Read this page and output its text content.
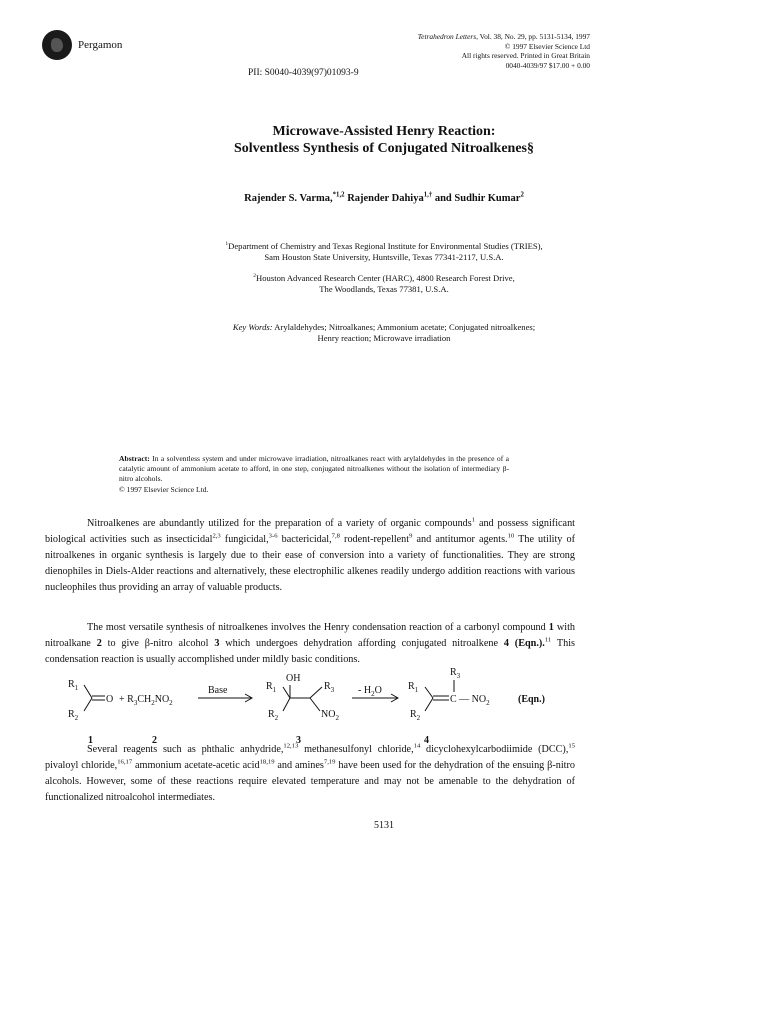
Pergamon
Tetrahedron Letters, Vol. 38, No. 29, pp. 5131-5134, 1997
© 1997 Elsevier Science Ltd
All rights reserved. Printed in Great Britain
0040-4039/97 $17.00 + 0.00
PII: S0040-4039(97)01093-9
Microwave-Assisted Henry Reaction:
Solventless Synthesis of Conjugated Nitroalkenes§
Rajender S. Varma,$^{*1,2}$ Rajender Dahiya$^{1,\dagger}$ and Sudhir Kumar$^2$
$^1$Department of Chemistry and Texas Regional Institute for Environmental Studies (TRIES),
Sam Houston State University, Huntsville, Texas 77341-2117, U.S.A.
$^2$Houston Advanced Research Center (HARC), 4800 Research Forest Drive,
The Woodlands, Texas 77381, U.S.A.
Key Words: Arylaldehydes; Nitroalkanes; Ammonium acetate; Conjugated nitroalkenes;
Henry reaction; Microwave irradiation
Abstract: In a solventless system and under microwave irradiation, nitroalkanes react with arylaldehydes in the presence of a catalytic amount of ammonium acetate to afford, in one step, conjugated nitroalkenes without the isolation of intermediary β-nitro alcohols.
© 1997 Elsevier Science Ltd.
Nitroalkenes are abundantly utilized for the preparation of a variety of organic compounds$^1$ and possess significant biological activities such as insecticidal$^{2,3}$ fungicidal,$^{3-6}$ bactericidal,$^{7,8}$ rodent-repellent$^9$ and antitumor agents.$^{10}$ The utility of nitroalkenes in organic synthesis is largely due to their ease of conversion into a variety of functionalities. They are strong dienophiles in Diels-Alder reactions and alternatively, these electrophilic alkenes readily undergo addition reactions with various nucleophiles thus providing an array of valuable products.
The most versatile synthesis of nitroalkenes involves the Henry condensation reaction of a carbonyl compound 1 with nitroalkane 2 to give β-nitro alcohol 3 which undergoes dehydration affording conjugated nitroalkene 4 (Eqn.).$^{11}$ This condensation reaction is usually accomplished under mildly basic conditions.
$R_1$
$R_2$
$O + R_3CH_2NO_2$
Base	$R_1$
OH
$R_3$
$R_2$	$NO_2$
- $H_2O$	$R_1$
$R_3$
$R_2$
C — $NO_2$	(Eqn.)
1	2	3	4
Several reagents such as phthalic anhydride,$^{12,13}$ methanesulfonyl chloride,$^{14}$ dicyclohexylcarbodiimide (DCC),$^{15}$ pivaloyl chloride,$^{16,17}$ ammonium acetate-acetic acid$^{18,19}$ and amines$^{7,19}$ have been used for the dehydration of the ensuing β-nitro alcohols. However, some of these reactions require elevated temperature and may not be amenable to the dehydration of functionalized nitroalcohol intermediates.
5131
